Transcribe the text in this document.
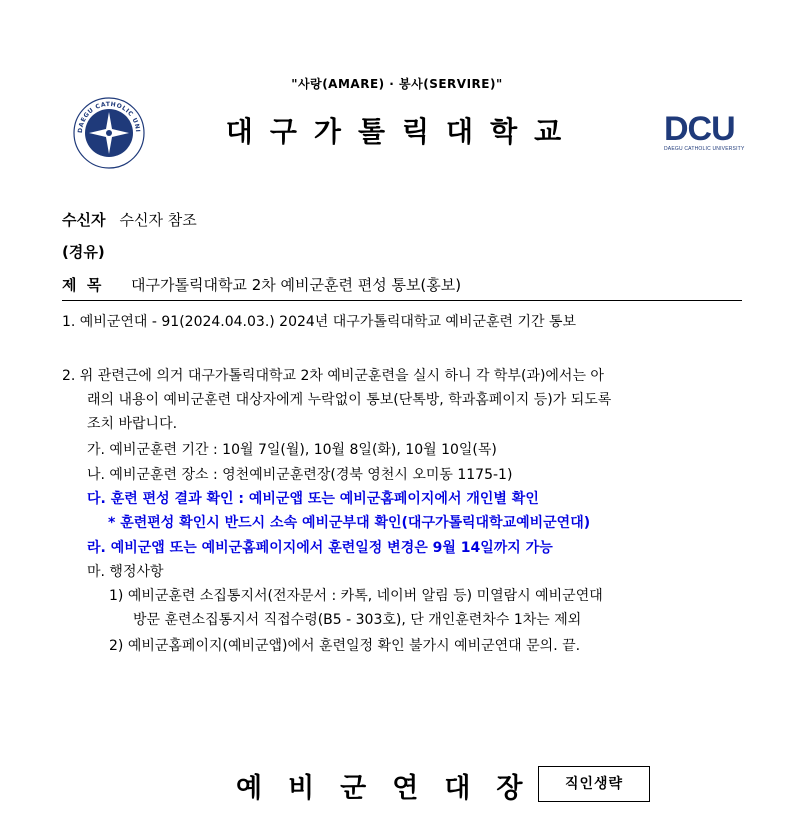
"사랑(AMARE) · 봉사(SERVIRE)"
DAEGU CATHOLIC UNI	대구가톨릭대학교	DCU
DAEGU CATHOLIC UNIVERSITY
수신자 수신자 참조
(경유)
제  목 대구가톨릭대학교 2차 예비군훈련 편성 통보(홍보)
1. 예비군연대 - 91(2024.04.03.) 2024년 대구가톨릭대학교 예비군훈련 기간 통보
2. 위 관련근에 의거 대구가톨릭대학교 2차 예비군훈련을 실시 하니 각 학부(과)에서는 아
래의 내용이 예비군훈련 대상자에게 누락없이 통보(단톡방, 학과홈페이지 등)가 되도록
조치 바랍니다.
가. 예비군훈련 기간 : 10월 7일(월), 10월 8일(화), 10월 10일(목)
나. 예비군훈련 장소 : 영천예비군훈련장(경북 영천시 오미동 1175-1)
다. 훈련 편성 결과 확인 : 예비군앱 또는 예비군홈페이지에서 개인별 확인
* 훈련편성 확인시 반드시 소속 예비군부대 확인(대구가톨릭대학교예비군연대)
라. 예비군앱 또는 예비군홈페이지에서 훈련일정 변경은 9월 14일까지 가능
마. 행정사항
1) 예비군훈련 소집통지서(전자문서 : 카톡, 네이버 알림 등) 미열람시 예비군연대
방문 훈련소집통지서 직접수령(B5 - 303호), 단 개인훈련차수 1차는 제외
2) 예비군홈페이지(예비군앱)에서 훈련일정 확인 불가시 예비군연대 문의. 끝.
예비군연대장	직인생략
